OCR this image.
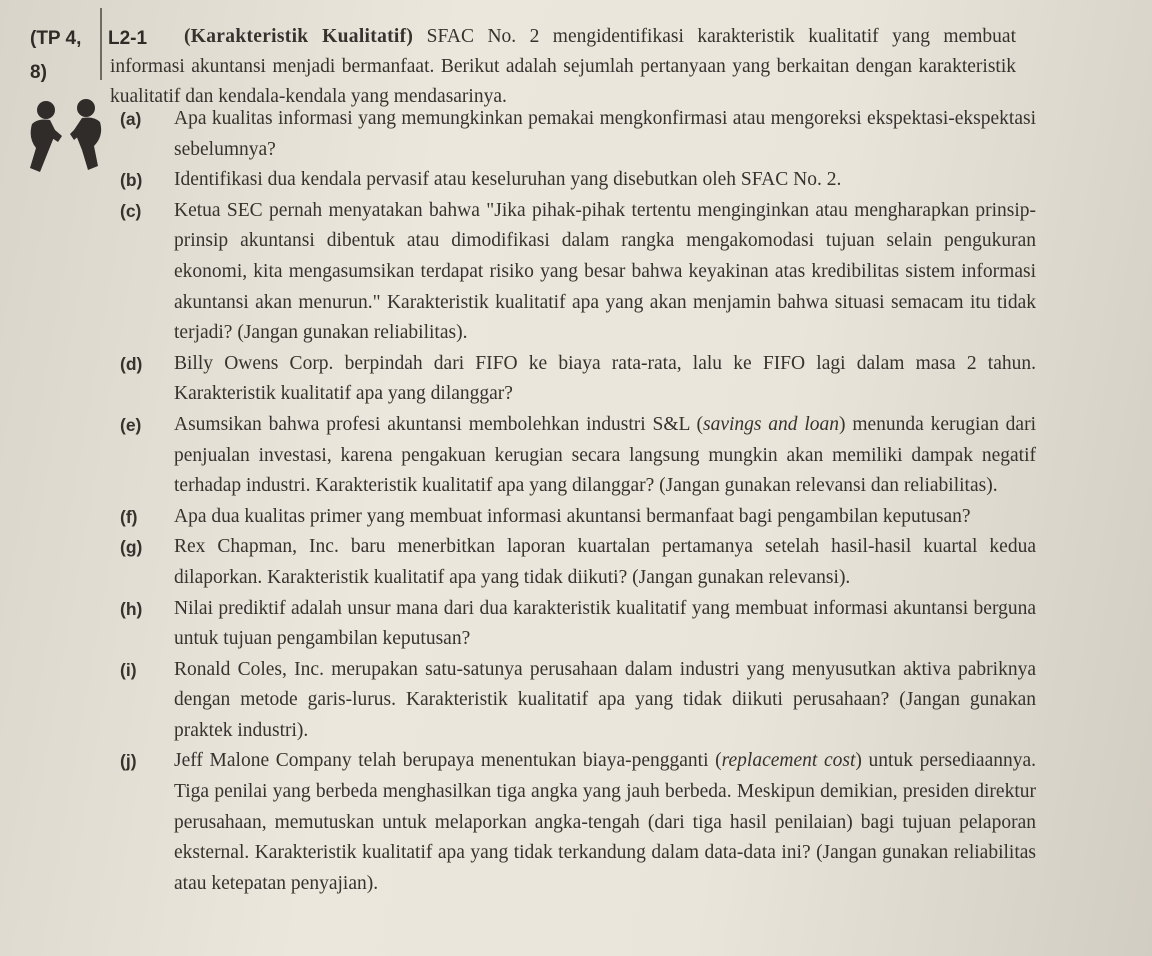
(TP 4,
8)
L2-1	(Karakteristik Kualitatif) SFAC No. 2 mengidentifikasi karakteristik kualitatif yang membuat informasi akuntansi menjadi bermanfaat. Berikut adalah sejumlah pertanyaan yang berkaitan dengan karakteristik kualitatif dan kendala-kendala yang mendasarinya.

(a) Apa kualitas informasi yang memungkinkan pemakai mengkonfirmasi atau mengoreksi ekspektasi-ekspektasi sebelumnya?
(b) Identifikasi dua kendala pervasif atau keseluruhan yang disebutkan oleh SFAC No. 2.
(c) Ketua SEC pernah menyatakan bahwa "Jika pihak-pihak tertentu menginginkan atau mengharapkan prinsip-prinsip akuntansi dibentuk atau dimodifikasi dalam rangka mengakomodasi tujuan selain pengukuran ekonomi, kita mengasumsikan terdapat risiko yang besar bahwa keyakinan atas kredibilitas sistem informasi akuntansi akan menurun." Karakteristik kualitatif apa yang akan menjamin bahwa situasi semacam itu tidak terjadi? (Jangan gunakan reliabilitas).
(d) Billy Owens Corp. berpindah dari FIFO ke biaya rata-rata, lalu ke FIFO lagi dalam masa 2 tahun. Karakteristik kualitatif apa yang dilanggar?
(e) Asumsikan bahwa profesi akuntansi membolehkan industri S&L (savings and loan) menunda kerugian dari penjualan investasi, karena pengakuan kerugian secara langsung mungkin akan memiliki dampak negatif terhadap industri. Karakteristik kualitatif apa yang dilanggar? (Jangan gunakan relevansi dan reliabilitas).
(f) Apa dua kualitas primer yang membuat informasi akuntansi bermanfaat bagi pengambilan keputusan?
(g) Rex Chapman, Inc. baru menerbitkan laporan kuartalan pertamanya setelah hasil-hasil kuartal kedua dilaporkan. Karakteristik kualitatif apa yang tidak diikuti? (Jangan gunakan relevansi).
(h) Nilai prediktif adalah unsur mana dari dua karakteristik kualitatif yang membuat informasi akuntansi berguna untuk tujuan pengambilan keputusan?
(i) Ronald Coles, Inc. merupakan satu-satunya perusahaan dalam industri yang menyusutkan aktiva pabriknya dengan metode garis-lurus. Karakteristik kualitatif apa yang tidak diikuti perusahaan? (Jangan gunakan praktek industri).
(j) Jeff Malone Company telah berupaya menentukan biaya-pengganti (replacement cost) untuk persediaannya. Tiga penilai yang berbeda menghasilkan tiga angka yang jauh berbeda. Meskipun demikian, presiden direktur perusahaan, memutuskan untuk melaporkan angka-tengah (dari tiga hasil penilaian) bagi tujuan pelaporan eksternal. Karakteristik kualitatif apa yang tidak terkandung dalam data-data ini? (Jangan gunakan reliabilitas atau ketepatan penyajian).
